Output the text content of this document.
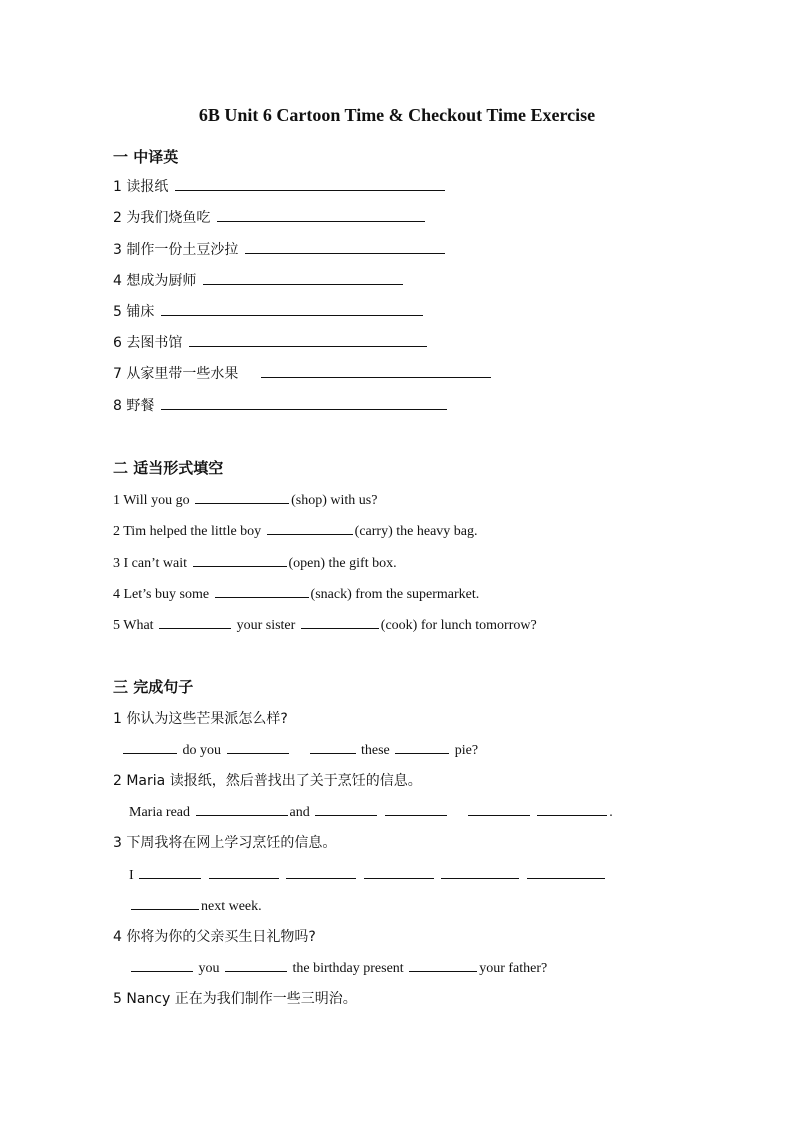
6B Unit 6 Cartoon Time & Checkout Time Exercise
一 中译英
1 读报纸
2 为我们烧鱼吃
3 制作一份土豆沙拉
4 想成为厨师
5 铺床
6 去图书馆
7 从家里带一些水果
8 野餐
二 适当形式填空
1 Will you go	(shop) with us?
2 Tim helped the little boy	(carry) the heavy bag.
3 I can’t wait	(open) the gift box.
4 Let’s buy some	(snack) from the supermarket.
5 What	your sister	(cook) for lunch tomorrow?
三 完成句子
1 你认为这些芒果派怎么样?
do you	these	pie?
2 Maria 读报纸，然后普找出了关于烹饪的信息。
Maria read	and	.
3 下周我将在网上学习烹饪的信息。
I
next week.
4 你将为你的父亲买生日礼物吗?
you	the birthday present	your father?
5 Nancy 正在为我们制作一些三明治。
